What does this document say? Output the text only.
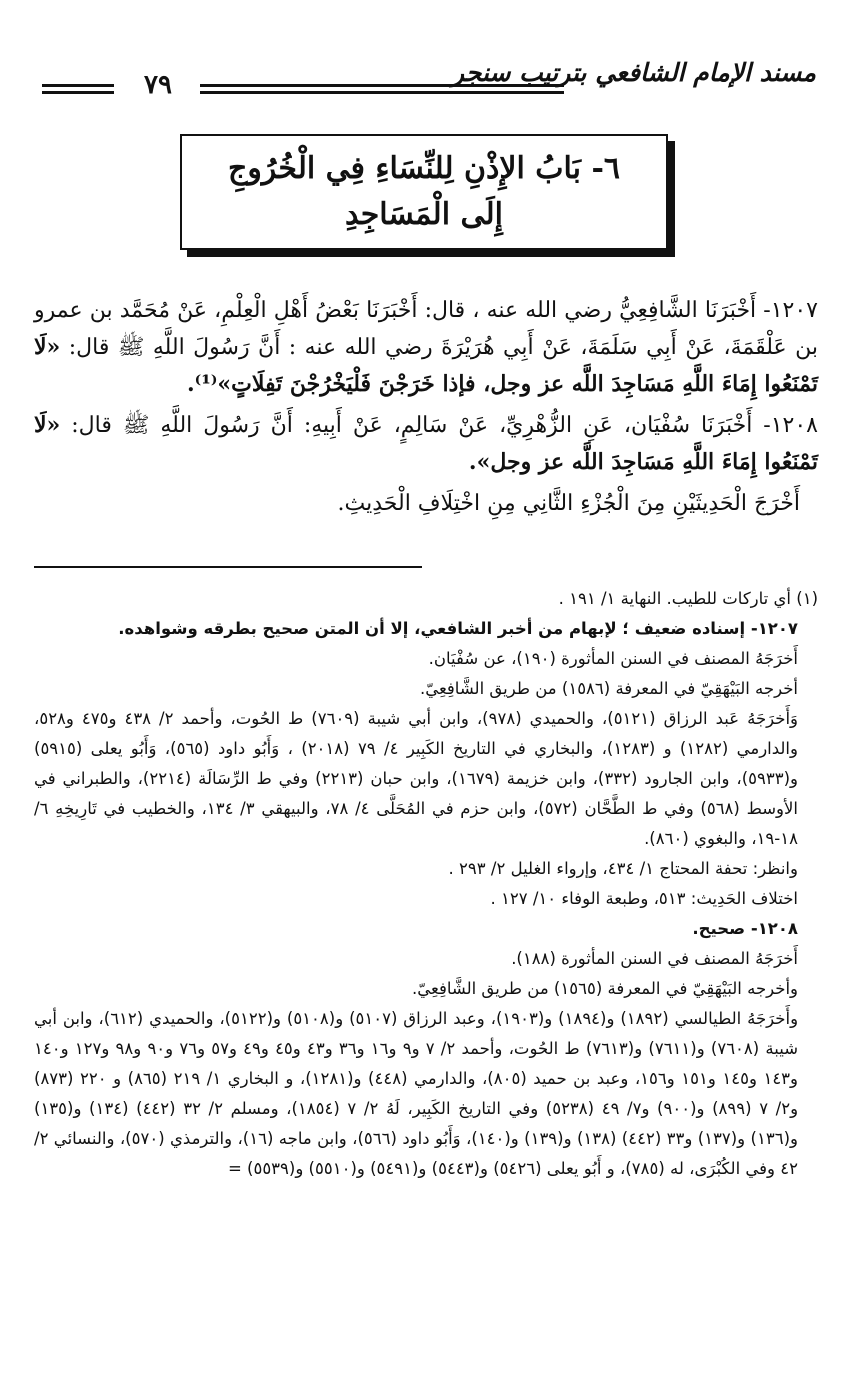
مسند الإمام الشافعي بترتيب سنجر
٧٩
٦- بَابُ الإِذْنِ لِلنِّسَاءِ فِي الْخُرُوجِ إِلَى الْمَسَاجِدِ

١٢٠٧- أَخْبَرَنَا الشَّافِعِيُّ رضي الله عنه ، قال: أَخْبَرَنَا بَعْضُ أَهْلِ الْعِلْمِ، عَنْ مُحَمَّد بن عمرو بن عَلْقَمَةَ، عَنْ أَبِي سَلَمَةَ، عَنْ أَبِي هُرَيْرَةَ رضي الله عنه : أَنَّ رَسُولَ اللَّهِ ﷺ قال: «لَا تَمْنَعُوا إِمَاءَ اللَّهِ مَسَاجِدَ اللَّه عز وجل، فإذا خَرَجْنَ فَلْيَخْرُجْنَ تَفِلَاتٍ»⁽¹⁾.

١٢٠٨- أَخْبَرَنَا سُفْيَان، عَنِ الزُّهْرِيِّ، عَنْ سَالِمٍ، عَنْ أَبِيهِ: أَنَّ رَسُولَ اللَّهِ ﷺ قال: «لَا تَمْنَعُوا إِمَاءَ اللَّهِ مَسَاجِدَ اللَّه عز وجل».

أَخْرَجَ الْحَدِيثَيْنِ مِنَ الْجُزْءِ الثَّانِي مِنِ اخْتِلَافِ الْحَدِيثِ.

(١) أي تاركات للطيب. النهاية ١/ ١٩١ .

١٢٠٧- إسناده ضعيف ؛ لإبهام من أخبر الشافعي، إلا أن المتن صحيح بطرقه وشواهده.

أَخرَجَهُ المصنف في السنن المأثورة (١٩٠)، عن سُفْيَان.

أخرجه البَيْهَقِيّ في المعرفة (١٥٨٦) من طريق الشَّافِعِيّ.

وَأَخرَجَهُ عَبد الرزاق (٥١٢١)، والحميدي (٩٧٨)، وابن أبي شيبة (٧٦٠٩) ط الحُوت، وأحمد ٢/ ٤٣٨ و٤٧٥ و٥٢٨، والدارمي (١٢٨٢) و (١٢٨٣)، والبخاري في التاريخ الكَبِير ٤/ ٧٩ (٢٠١٨) ، وَأَبُو داود (٥٦٥)، وَأَبُو يعلى (٥٩١٥) و(٥٩٣٣)، وابن الجارود (٣٣٢)، وابن خزيمة (١٦٧٩)، وابن حبان (٢٢١٣) وفي ط الرِّسَالَة (٢٢١٤)، والطبراني في الأوسط (٥٦٨) وفي ط الطَّحَّان (٥٧٢)، وابن حزم في المُحَلَّى ٤/ ٧٨، والبيهقي ٣/ ١٣٤، والخطيب في تَارِيخِهِ ٦/ ١٨-١٩، والبغوي (٨٦٠).

وانظر: تحفة المحتاج ١/ ٤٣٤، وإرواء الغليل ٢/ ٢٩٣ .

اختلاف الحَدِيث: ٥١٣، وطبعة الوفاء ١٠/ ١٢٧ .

١٢٠٨- صحيح.

أَخرَجَهُ المصنف في السنن المأثورة (١٨٨).

وأخرجه البَيْهَقِيّ في المعرفة (١٥٦٥) من طريق الشَّافِعِيّ.

وأَخرَجَهُ الطيالسي (١٨٩٢) و(١٨٩٤) و(١٩٠٣)، وعبد الرزاق (٥١٠٧) و(٥١٠٨) و(٥١٢٢)، والحميدي (٦١٢)، وابن أبي شيبة (٧٦٠٨) و(٧٦١١) و(٧٦١٣) ط الحُوت، وأحمد ٢/ ٧ و٩ و١٦ و٣٦ و٤٣ و٤٥ و٤٩ و٥٧ و٧٦ و٩٠ و٩٨ و١٢٧ و١٤٠ و١٤٣ و١٤٥ و١٥١ و١٥٦، وعبد بن حميد (٨٠٥)، والدارمي (٤٤٨) و(١٢٨١)، و البخاري ١/ ٢١٩ (٨٦٥) و ٢٢٠ (٨٧٣) و٢/ ٧ (٨٩٩) و(٩٠٠) و٧/ ٤٩ (٥٢٣٨) وفي التاريخ الكَبِير، لَهُ ٢/ ٧ (١٨٥٤)، ومسلم ٢/ ٣٢ (٤٤٢) (١٣٤) و(١٣٥) و(١٣٦) و(١٣٧) و٣٣ (٤٤٢) (١٣٨) و(١٣٩) و(١٤٠)، وَأَبُو داود (٥٦٦)، وابن ماجه (١٦)، والترمذي (٥٧٠)، والنسائي ٢/ ٤٢ وفي الكُبْرَى، له (٧٨٥)، و أَبُو يعلى (٥٤٢٦) و(٥٤٤٣) و(٥٤٩١) و(٥٥١٠) و(٥٥٣٩) =
